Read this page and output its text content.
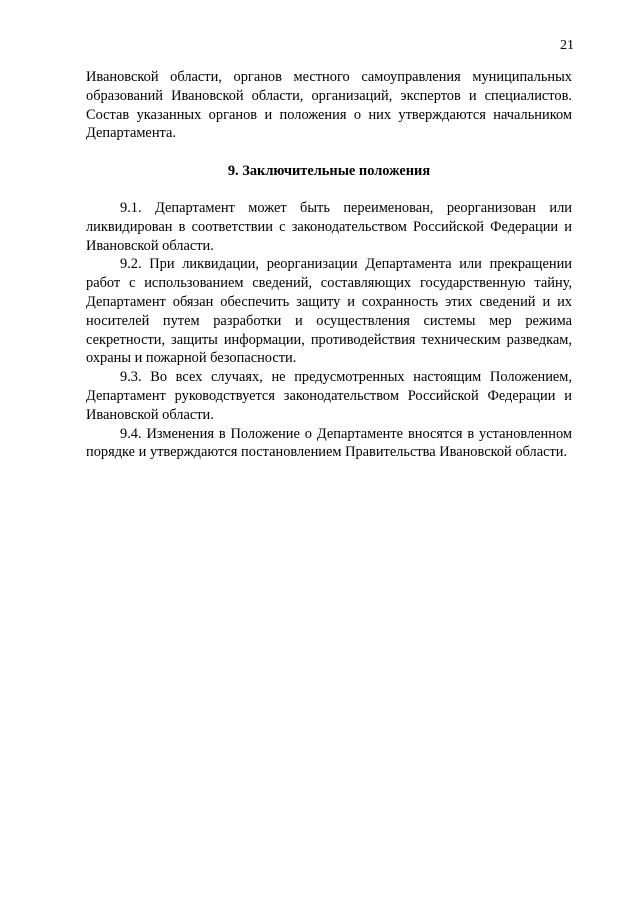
21

Ивановской области, органов местного самоуправления муниципальных образований Ивановской области, организаций, экспертов и специалистов. Состав указанных органов и положения о них утверждаются начальником Департамента.

9. Заключительные положения

9.1. Департамент может быть переименован, реорганизован или ликвидирован в соответствии с законодательством Российской Федерации и Ивановской области.

9.2. При ликвидации, реорганизации Департамента или прекращении работ с использованием сведений, составляющих государственную тайну, Департамент обязан обеспечить защиту и сохранность этих сведений и их носителей путем разработки и осуществления системы мер режима секретности, защиты информации, противодействия техническим разведкам, охраны и пожарной безопасности.

9.3. Во всех случаях, не предусмотренных настоящим Положением, Департамент руководствуется законодательством Российской Федерации и Ивановской области.

9.4. Изменения в Положение о Департаменте вносятся в установленном порядке и утверждаются постановлением Правительства Ивановской области.
